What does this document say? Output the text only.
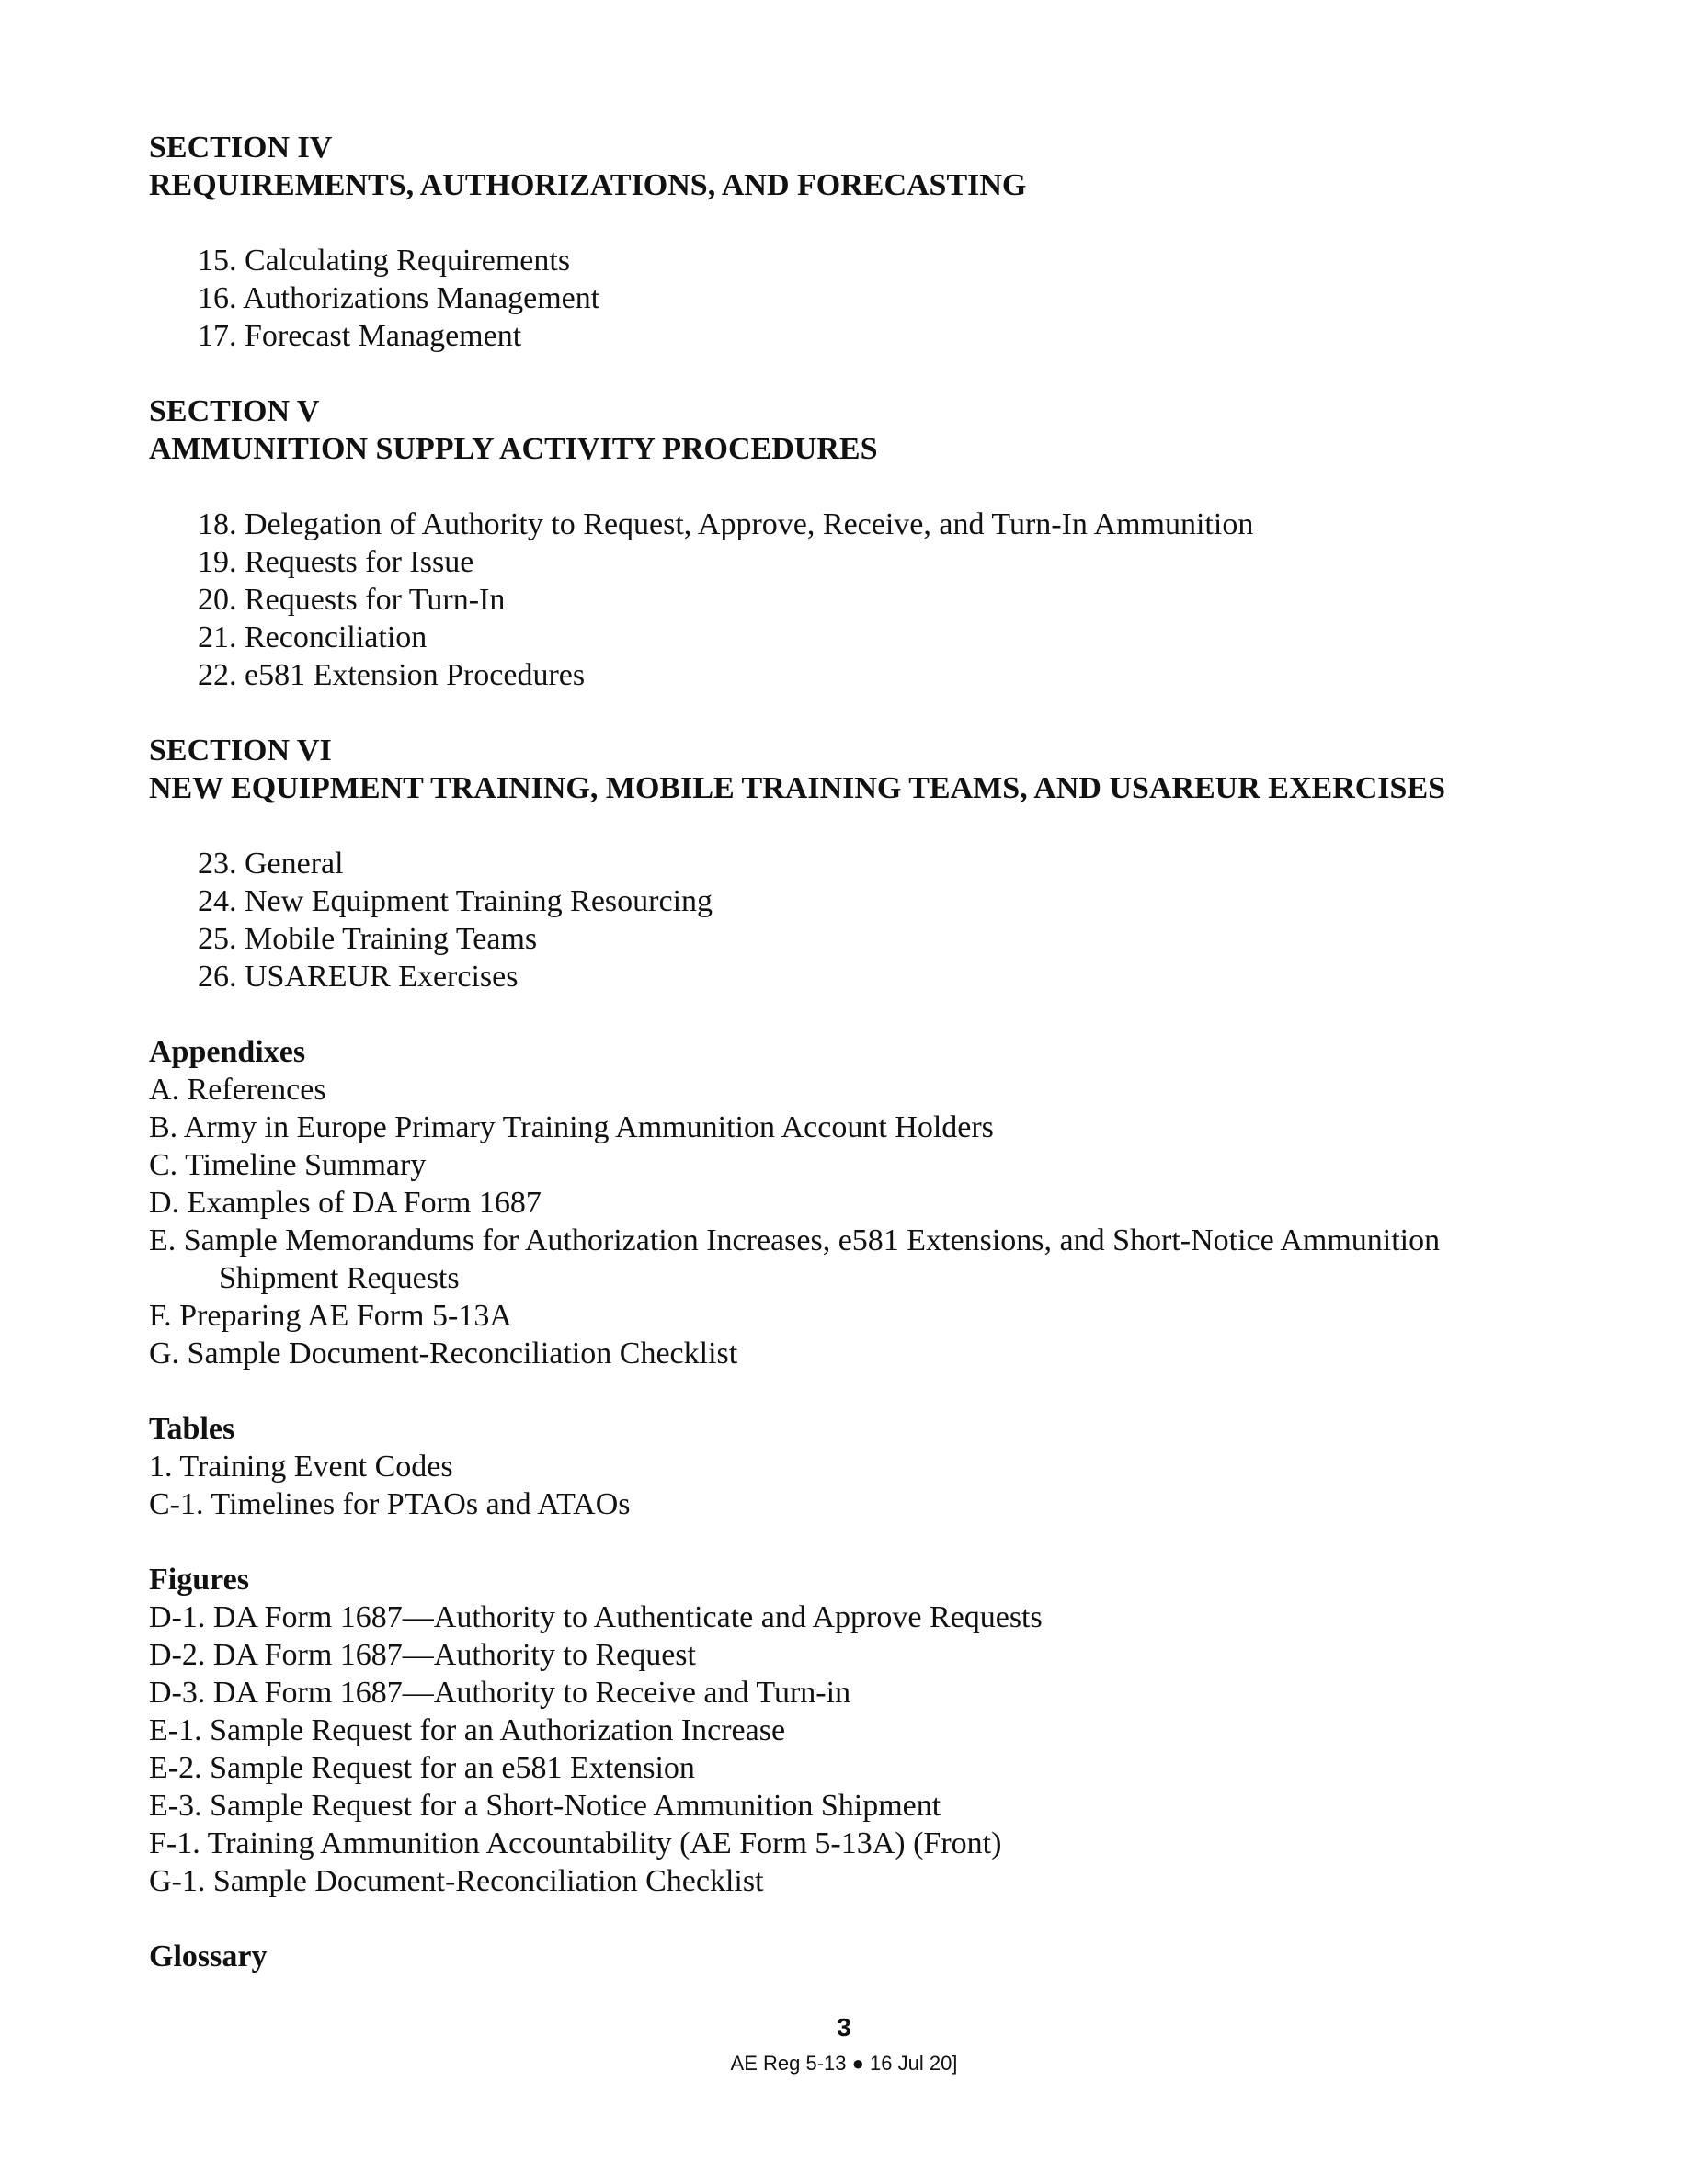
SECTION IV

REQUIREMENTS, AUTHORIZATIONS, AND FORECASTING

15. Calculating Requirements
16. Authorizations Management
17. Forecast Management

SECTION V

AMMUNITION SUPPLY ACTIVITY PROCEDURES

18. Delegation of Authority to Request, Approve, Receive, and Turn-In Ammunition
19. Requests for Issue
20. Requests for Turn-In
21. Reconciliation
22. e581 Extension Procedures

SECTION VI

NEW EQUIPMENT TRAINING, MOBILE TRAINING TEAMS, AND USAREUR EXERCISES

23. General
24. New Equipment Training Resourcing
25. Mobile Training Teams
26. USAREUR Exercises

Appendixes

A. References
B. Army in Europe Primary Training Ammunition Account Holders
C. Timeline Summary
D. Examples of DA Form 1687
E. Sample Memorandums for Authorization Increases, e581 Extensions, and Short-Notice Ammunition Shipment Requests
F. Preparing AE Form 5-13A
G. Sample Document-Reconciliation Checklist

Tables

1. Training Event Codes
C-1. Timelines for PTAOs and ATAOs

Figures

D-1. DA Form 1687—Authority to Authenticate and Approve Requests
D-2. DA Form 1687—Authority to Request
D-3. DA Form 1687—Authority to Receive and Turn-in
E-1. Sample Request for an Authorization Increase
E-2. Sample Request for an e581 Extension
E-3. Sample Request for a Short-Notice Ammunition Shipment
F-1. Training Ammunition Accountability (AE Form 5-13A) (Front)
G-1. Sample Document-Reconciliation Checklist

Glossary

3
AE Reg 5-13 ● 16 Jul 20]
